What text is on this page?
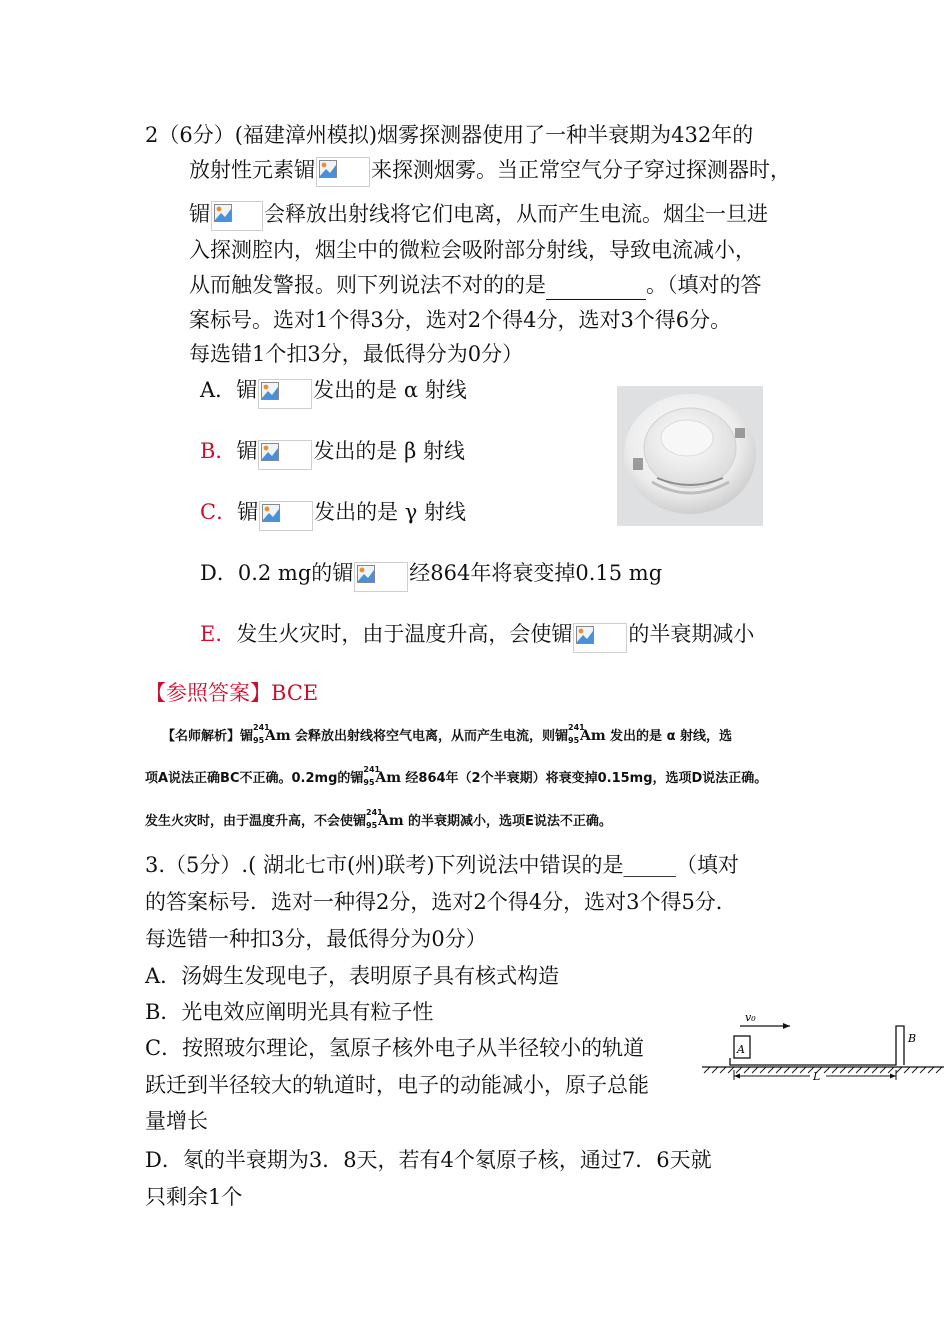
2（6分）(福建漳州模拟)烟雾探测器使用了一种半衰期为432年的
放射性元素镅	来探测烟雾。当正常空气分子穿过探测器时，
镅	会释放出射线将它们电离，从而产生电流。烟尘一旦进
入探测腔内，烟尘中的微粒会吸附部分射线，导致电流减小，
从而触发警报。则下列说法不对的的是	。（填对的答
案标号。选对1个得3分，选对2个得4分，选对3个得6分。
每选错1个扣3分，最低得分为0分）
A．镅	发出的是 α 射线
B．镅	发出的是 β 射线
C．镅	发出的是 γ 射线
D．0.2 mg的镅	经864年将衰变掉0.15 mg
E．发生火灾时，由于温度升高，会使镅	的半衰期减小
【参照答案】BCE
【名师解析】镅
241
95 Am 会释放出射线将空气电离，从而产生电流，则镅
241
95 Am 发出的是 α 射线，选
项A说法正确BC不正确。0.2mg的镅
241
95 Am 经864年（2个半衰期）将衰变掉0.15mg，选项D说法正确。
发生火灾时，由于温度升高，不会使镅
241
95 Am 的半衰期减小，选项E说法不正确。
3.（5分）.( 湖北七市(州)联考)下列说法中错误的是_____（填对
的答案标号．选对一种得2分，选对2个得4分，选对3个得5分．
每选错一种扣3分，最低得分为0分）
A．汤姆生发现电子，表明原子具有核式构造
B．光电效应阐明光具有粒子性
C．按照玻尔理论，氢原子核外电子从半径较小的轨道
跃迁到半径较大的轨道时，电子的动能减小，原子总能
量增长
D．氡的半衰期为3．8天，若有4个氡原子核，通过7．6天就
只剩余1个
v₀
A
B
L
